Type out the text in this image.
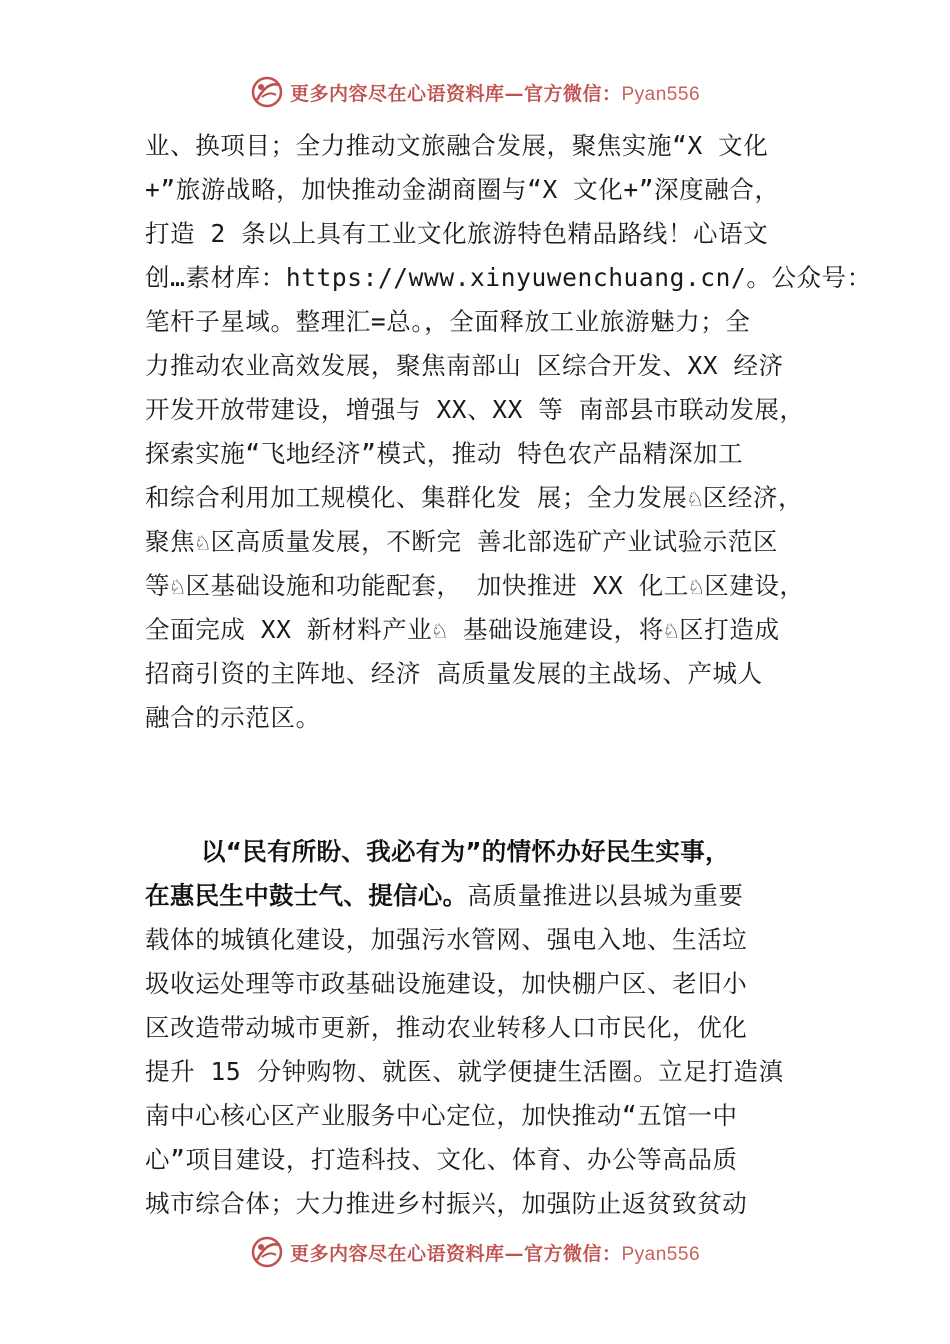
更多内容尽在心语资料库—官方微信：Pyan556
业、换项目；全力推动文旅融合发展，聚焦实施“X 文化
+”旅游战略，加快推动金湖商圈与“X 文化+”深度融合，
打造 2 条以上具有工业文化旅游特色精品路线！心语文
创…素材库：https://www.xinyuwenchuang.cn/。公众号：
笔杆子星域。整理汇=总。，全面释放工业旅游魅力；全
力推动农业高效发展，聚焦南部山 区综合开发、XX 经济
开发开放带建设，增强与 XX、XX 等 南部县市联动发展，
探索实施“飞地经济”模式，推动 特色农产品精深加工
和综合利用加工规模化、集群化发 展；全力发展♘区经济，
聚焦♘区高质量发展，不断完 善北部选矿产业试验示范区
等♘区基础设施和功能配套， 加快推进 XX 化工♘区建设，
全面完成 XX 新材料产业♘ 基础设施建设，将♘区打造成
招商引资的主阵地、经济 高质量发展的主战场、产城人
融合的示范区。
以“民有所盼、我必有为”的情怀办好民生实事，
在惠民生中鼓士气、提信心。高质量推进以县城为重要
载体的城镇化建设，加强污水管网、强电入地、生活垃
圾收运处理等市政基础设施建设，加快棚户区、老旧小
区改造带动城市更新，推动农业转移人口市民化，优化
提升 15 分钟购物、就医、就学便捷生活圈。立足打造滇
南中心核心区产业服务中心定位，加快推动“五馆一中
心”项目建设，打造科技、文化、体育、办公等高品质
城市综合体；大力推进乡村振兴，加强防止返贫致贫动
更多内容尽在心语资料库—官方微信：Pyan556
